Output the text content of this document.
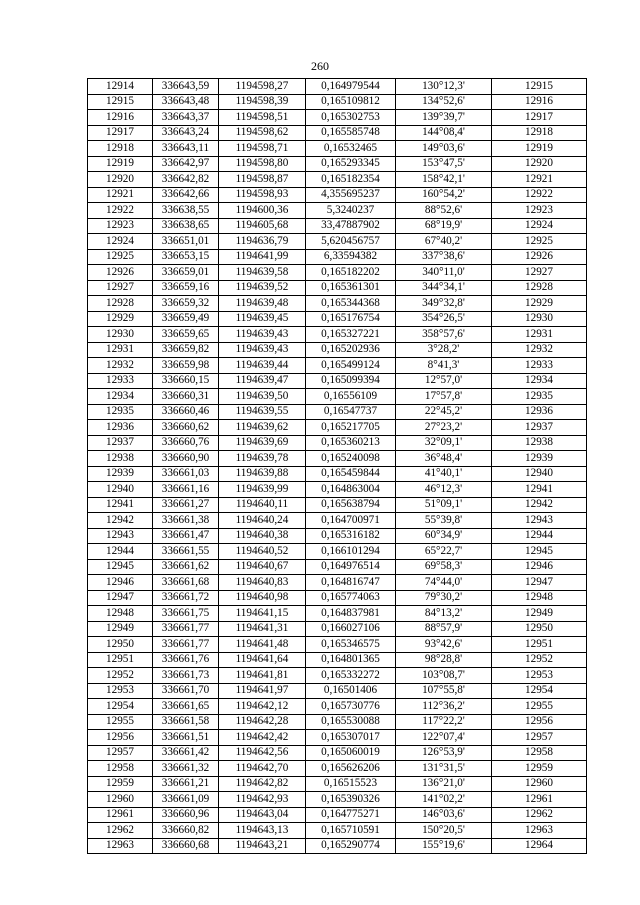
260
12914	336643,59	1194598,27	0,164979544	130°12,3'	12915
12915	336643,48	1194598,39	0,165109812	134°52,6'	12916
12916	336643,37	1194598,51	0,165302753	139°39,7'	12917
12917	336643,24	1194598,62	0,165585748	144°08,4'	12918
12918	336643,11	1194598,71	0,16532465	149°03,6'	12919
12919	336642,97	1194598,80	0,165293345	153°47,5'	12920
12920	336642,82	1194598,87	0,165182354	158°42,1'	12921
12921	336642,66	1194598,93	4,355695237	160°54,2'	12922
12922	336638,55	1194600,36	5,3240237	88°52,6'	12923
12923	336638,65	1194605,68	33,47887902	68°19,9'	12924
12924	336651,01	1194636,79	5,620456757	67°40,2'	12925
12925	336653,15	1194641,99	6,33594382	337°38,6'	12926
12926	336659,01	1194639,58	0,165182202	340°11,0'	12927
12927	336659,16	1194639,52	0,165361301	344°34,1'	12928
12928	336659,32	1194639,48	0,165344368	349°32,8'	12929
12929	336659,49	1194639,45	0,165176754	354°26,5'	12930
12930	336659,65	1194639,43	0,165327221	358°57,6'	12931
12931	336659,82	1194639,43	0,165202936	3°28,2'	12932
12932	336659,98	1194639,44	0,165499124	8°41,3'	12933
12933	336660,15	1194639,47	0,165099394	12°57,0'	12934
12934	336660,31	1194639,50	0,16556109	17°57,8'	12935
12935	336660,46	1194639,55	0,16547737	22°45,2'	12936
12936	336660,62	1194639,62	0,165217705	27°23,2'	12937
12937	336660,76	1194639,69	0,165360213	32°09,1'	12938
12938	336660,90	1194639,78	0,165240098	36°48,4'	12939
12939	336661,03	1194639,88	0,165459844	41°40,1'	12940
12940	336661,16	1194639,99	0,164863004	46°12,3'	12941
12941	336661,27	1194640,11	0,165638794	51°09,1'	12942
12942	336661,38	1194640,24	0,164700971	55°39,8'	12943
12943	336661,47	1194640,38	0,165316182	60°34,9'	12944
12944	336661,55	1194640,52	0,166101294	65°22,7'	12945
12945	336661,62	1194640,67	0,164976514	69°58,3'	12946
12946	336661,68	1194640,83	0,164816747	74°44,0'	12947
12947	336661,72	1194640,98	0,165774063	79°30,2'	12948
12948	336661,75	1194641,15	0,164837981	84°13,2'	12949
12949	336661,77	1194641,31	0,166027106	88°57,9'	12950
12950	336661,77	1194641,48	0,165346575	93°42,6'	12951
12951	336661,76	1194641,64	0,164801365	98°28,8'	12952
12952	336661,73	1194641,81	0,165332272	103°08,7'	12953
12953	336661,70	1194641,97	0,16501406	107°55,8'	12954
12954	336661,65	1194642,12	0,165730776	112°36,2'	12955
12955	336661,58	1194642,28	0,165530088	117°22,2'	12956
12956	336661,51	1194642,42	0,165307017	122°07,4'	12957
12957	336661,42	1194642,56	0,165060019	126°53,9'	12958
12958	336661,32	1194642,70	0,165626206	131°31,5'	12959
12959	336661,21	1194642,82	0,16515523	136°21,0'	12960
12960	336661,09	1194642,93	0,165390326	141°02,2'	12961
12961	336660,96	1194643,04	0,164775271	146°03,6'	12962
12962	336660,82	1194643,13	0,165710591	150°20,5'	12963
12963	336660,68	1194643,21	0,165290774	155°19,6'	12964
